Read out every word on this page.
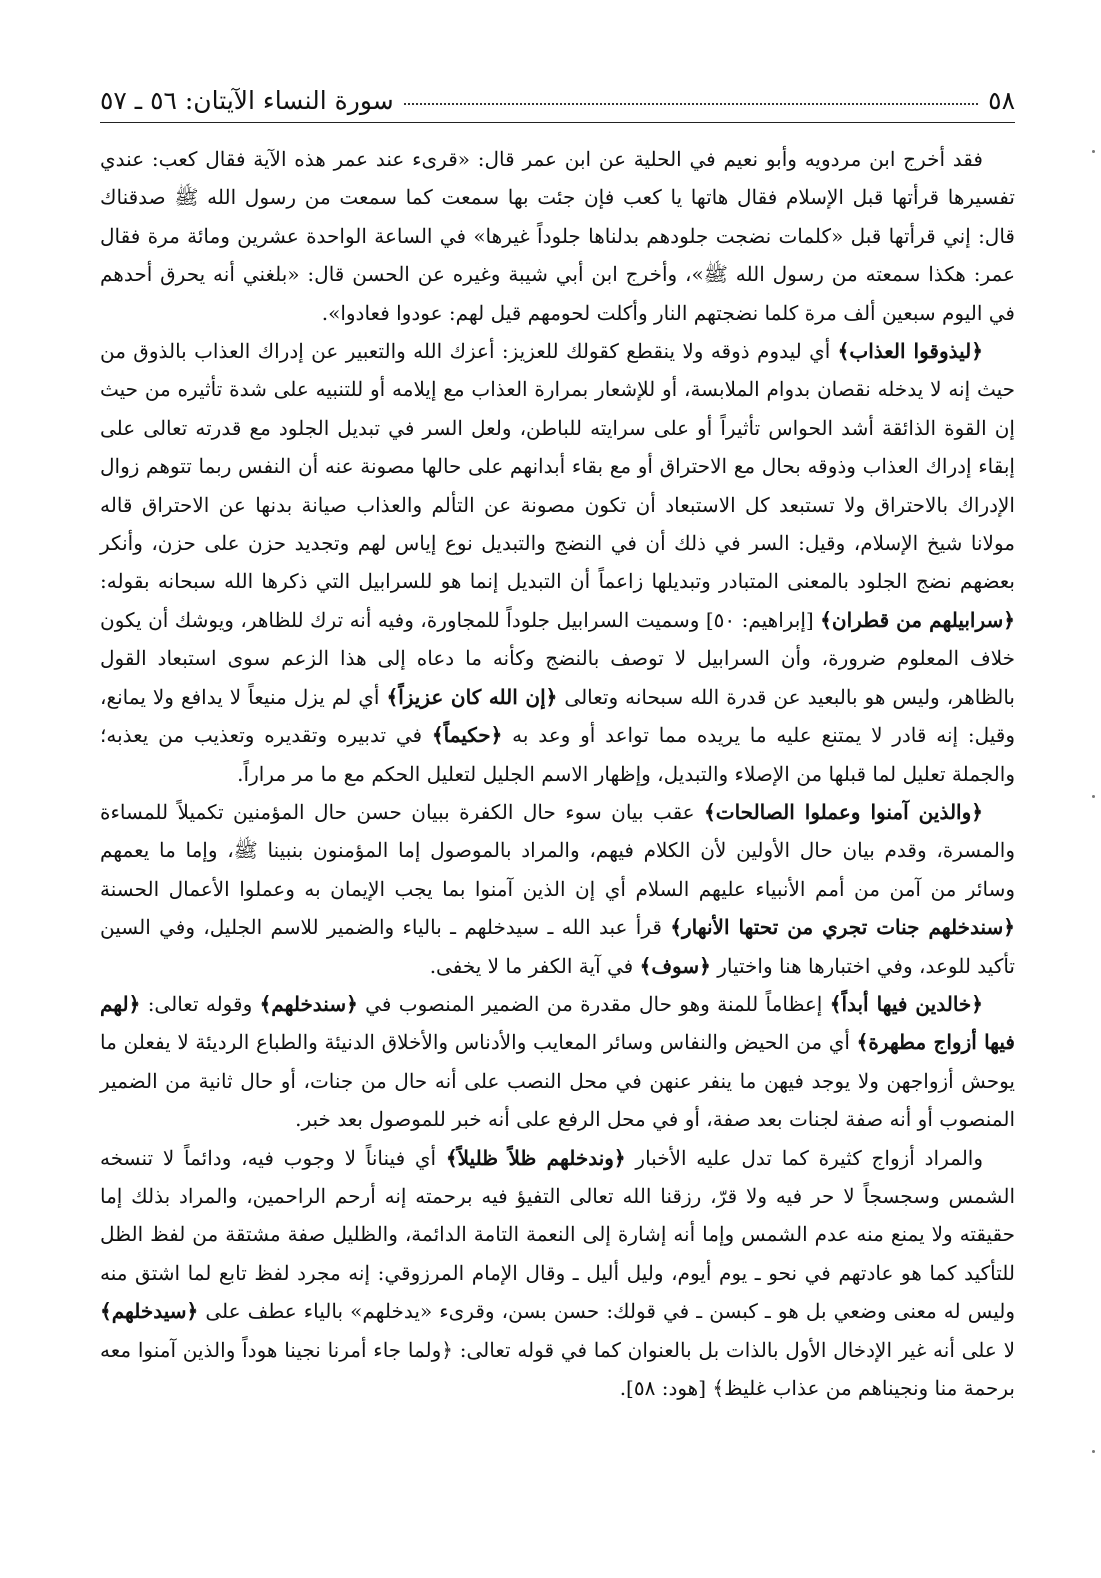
٥٨
سورة النساء الآيتان: ٥٦ ـ ٥٧

فقد أخرج ابن مردويه وأبو نعيم في الحلية عن ابن عمر قال: «قرىء عند عمر هذه الآية فقال كعب: عندي تفسيرها قرأتها قبل الإسلام فقال هاتها يا كعب فإن جئت بها سمعت كما سمعت من رسول الله ﷺ صدقناك قال: إني قرأتها قبل «كلمات نضجت جلودهم بدلناها جلوداً غيرها» في الساعة الواحدة عشرين ومائة مرة فقال عمر: هكذا سمعته من رسول الله ﷺ»، وأخرج ابن أبي شيبة وغيره عن الحسن قال: «بلغني أنه يحرق أحدهم في اليوم سبعين ألف مرة كلما نضجتهم النار وأكلت لحومهم قيل لهم: عودوا فعادوا».

﴿ليذوقوا العذاب﴾ أي ليدوم ذوقه ولا ينقطع كقولك للعزيز: أعزك الله والتعبير عن إدراك العذاب بالذوق من حيث إنه لا يدخله نقصان بدوام الملابسة، أو للإشعار بمرارة العذاب مع إيلامه أو للتنبيه على شدة تأثيره من حيث إن القوة الذائقة أشد الحواس تأثيراً أو على سرايته للباطن، ولعل السر في تبديل الجلود مع قدرته تعالى على إبقاء إدراك العذاب وذوقه بحال مع الاحتراق أو مع بقاء أبدانهم على حالها مصونة عنه أن النفس ربما تتوهم زوال الإدراك بالاحتراق ولا تستبعد كل الاستبعاد أن تكون مصونة عن التألم والعذاب صيانة بدنها عن الاحتراق قاله مولانا شيخ الإسلام، وقيل: السر في ذلك أن في النضج والتبديل نوع إياس لهم وتجديد حزن على حزن، وأنكر بعضهم نضج الجلود بالمعنى المتبادر وتبديلها زاعماً أن التبديل إنما هو للسرابيل التي ذكرها الله سبحانه بقوله: ﴿سرابيلهم من قطران﴾ [إبراهيم: ٥٠] وسميت السرابيل جلوداً للمجاورة، وفيه أنه ترك للظاهر، ويوشك أن يكون خلاف المعلوم ضرورة، وأن السرابيل لا توصف بالنضج وكأنه ما دعاه إلى هذا الزعم سوى استبعاد القول بالظاهر، وليس هو بالبعيد عن قدرة الله سبحانه وتعالى ﴿إن الله كان عزيزاً﴾ أي لم يزل منيعاً لا يدافع ولا يمانع، وقيل: إنه قادر لا يمتنع عليه ما يريده مما تواعد أو وعد به ﴿حكيماً﴾ في تدبيره وتقديره وتعذيب من يعذبه؛ والجملة تعليل لما قبلها من الإصلاء والتبديل، وإظهار الاسم الجليل لتعليل الحكم مع ما مر مراراً.

﴿والذين آمنوا وعملوا الصالحات﴾ عقب بيان سوء حال الكفرة ببيان حسن حال المؤمنين تكميلاً للمساءة والمسرة، وقدم بيان حال الأولين لأن الكلام فيهم، والمراد بالموصول إما المؤمنون بنبينا ﷺ، وإما ما يعمهم وسائر من آمن من أمم الأنبياء عليهم السلام أي إن الذين آمنوا بما يجب الإيمان به وعملوا الأعمال الحسنة ﴿سندخلهم جنات تجري من تحتها الأنهار﴾ قرأ عبد الله ـ سيدخلهم ـ بالياء والضمير للاسم الجليل، وفي السين تأكيد للوعد، وفي اختبارها هنا واختيار ﴿سوف﴾ في آية الكفر ما لا يخفى.

﴿خالدين فيها أبداً﴾ إعظاماً للمنة وهو حال مقدرة من الضمير المنصوب في ﴿سندخلهم﴾ وقوله تعالى: ﴿لهم فيها أزواج مطهرة﴾ أي من الحيض والنفاس وسائر المعايب والأدناس والأخلاق الدنيئة والطباع الرديئة لا يفعلن ما يوحش أزواجهن ولا يوجد فيهن ما ينفر عنهن في محل النصب على أنه حال من جنات، أو حال ثانية من الضمير المنصوب أو أنه صفة لجنات بعد صفة، أو في محل الرفع على أنه خبر للموصول بعد خبر.

والمراد أزواج كثيرة كما تدل عليه الأخبار ﴿وندخلهم ظلاً ظليلاً﴾ أي فيناناً لا وجوب فيه، ودائماً لا تنسخه الشمس وسجسجاً لا حر فيه ولا قرّ، رزقنا الله تعالى التفيؤ فيه برحمته إنه أرحم الراحمين، والمراد بذلك إما حقيقته ولا يمنع منه عدم الشمس وإما أنه إشارة إلى النعمة التامة الدائمة، والظليل صفة مشتقة من لفظ الظل للتأكيد كما هو عادتهم في نحو ـ يوم أيوم، وليل أليل ـ وقال الإمام المرزوقي: إنه مجرد لفظ تابع لما اشتق منه وليس له معنى وضعي بل هو ـ كبسن ـ في قولك: حسن بسن، وقرىء «يدخلهم» بالياء عطف على ﴿سيدخلهم﴾ لا على أنه غير الإدخال الأول بالذات بل بالعنوان كما في قوله تعالى: ﴿ولما جاء أمرنا نجينا هوداً والذين آمنوا معه برحمة منا ونجيناهم من عذاب غليظ﴾ [هود: ٥٨].
